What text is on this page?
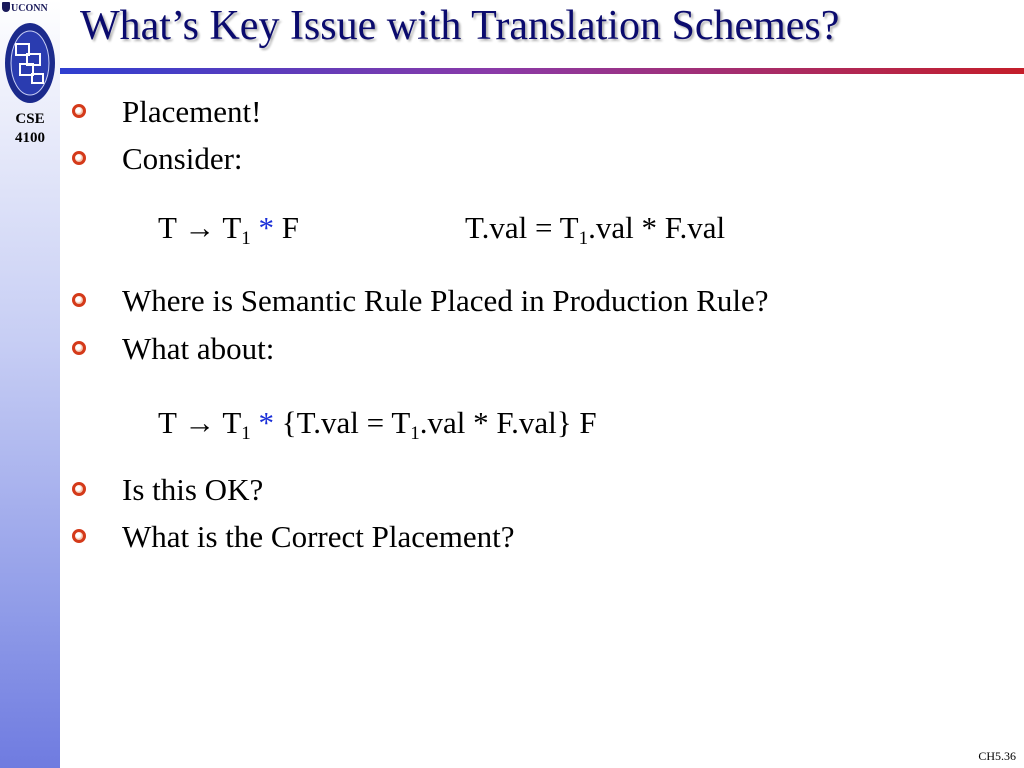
UCONN
CSE
4100
What’s Key Issue with Translation Schemes?
Placement!
Consider:
$T \to T_1 * F$	$T.val = T_1.val * F.val$
Where is Semantic Rule Placed in Production Rule?
What about:
$T \to T_1 * \{T.val = T_1.val * F.val\}$ F
Is this OK?
What is the Correct Placement?
CH5.36
